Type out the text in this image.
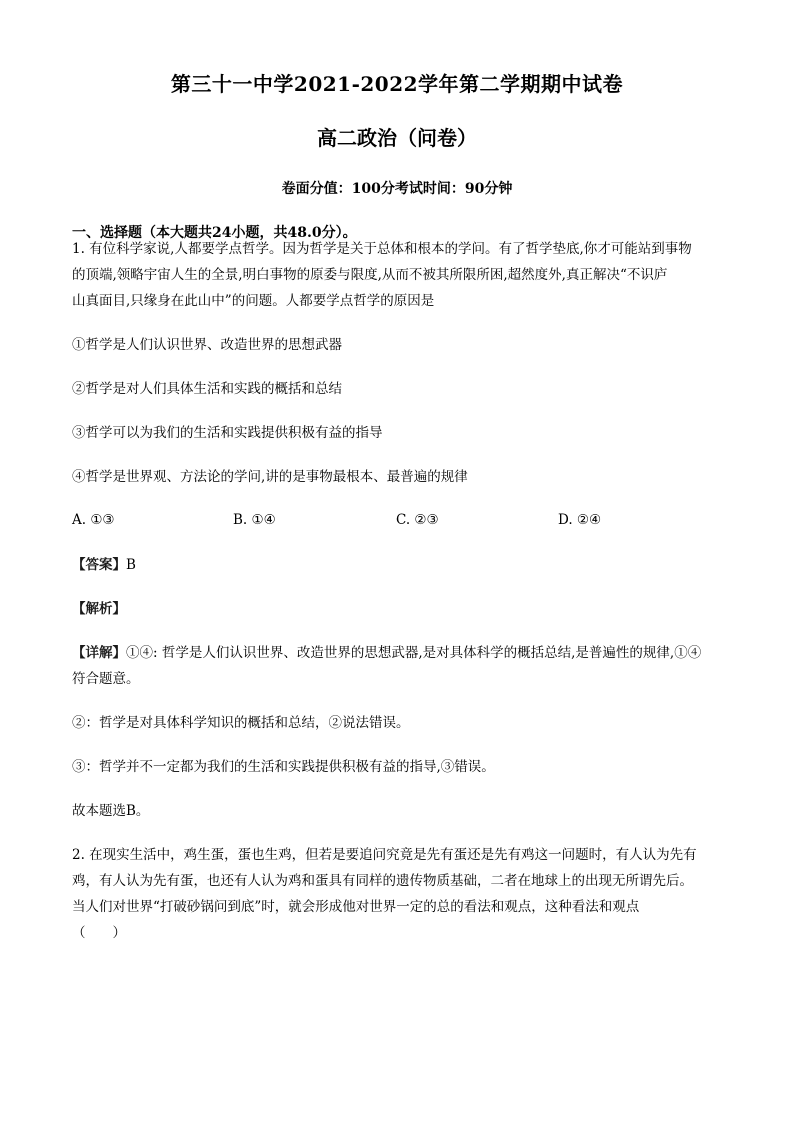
第三十一中学2021-2022学年第二学期期中试卷
高二政治（问卷）
卷面分值：100分考试时间：90分钟
一、选择题（本大题共24小题，共48.0分）。
1. 有位科学家说,人都要学点哲学。因为哲学是关于总体和根本的学问。有了哲学垫底,你才可能站到事物
的顶端,领略宇宙人生的全景,明白事物的原委与限度,从而不被其所限所困,超然度外,真正解决“不识庐
山真面目,只缘身在此山中”的问题。人都要学点哲学的原因是
①哲学是人们认识世界、改造世界的思想武器
②哲学是对人们具体生活和实践的概括和总结
③哲学可以为我们的生活和实践提供积极有益的指导
④哲学是世界观、方法论的学问,讲的是事物最根本、最普遍的规律
A. ①③	B. ①④	C. ②③	D. ②④
【答案】B
【解析】
【详解】①④: 哲学是人们认识世界、改造世界的思想武器,是对具体科学的概括总结,是普遍性的规律,①④
符合题意。
②：哲学是对具体科学知识的概括和总结，②说法错误。
③：哲学并不一定都为我们的生活和实践提供积极有益的指导,③错误。
故本题选B。
2. 在现实生活中，鸡生蛋，蛋也生鸡，但若是要追问究竟是先有蛋还是先有鸡这一问题时，有人认为先有
鸡，有人认为先有蛋，也还有人认为鸡和蛋具有同样的遗传物质基础，二者在地球上的出现无所谓先后。
当人们对世界“打破砂锅问到底”时，就会形成他对世界一定的总的看法和观点，这种看法和观点
（　　）
